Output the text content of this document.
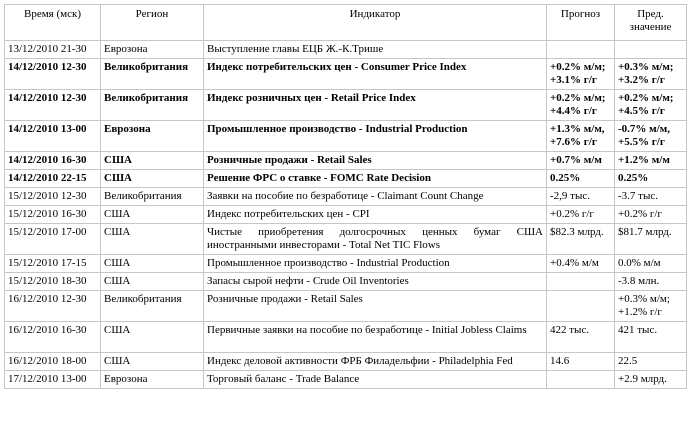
Время (мск)	Регион	Индикатор	Прогноз	Пред. значение
13/12/2010 21-30	Еврозона	Выступление главы ЕЦБ Ж.-К.Трише		
14/12/2010 12-30	Великобритания	Индекс потребительских цен - Consumer Price Index	+0.2% м/м; +3.1% г/г	+0.3% м/м; +3.2% г/г
14/12/2010 12-30	Великобритания	Индекс розничных цен - Retail Price Index	+0.2% м/м; +4.4% г/г	+0.2% м/м; +4.5% г/г
14/12/2010 13-00	Еврозона	Промышленное производство - Industrial Production	+1.3% м/м, +7.6% г/г	-0.7% м/м, +5.5% г/г
14/12/2010 16-30	США	Розничные продажи - Retail Sales	+0.7% м/м	+1.2% м/м
14/12/2010 22-15	США	Решение ФРС о ставке - FOMC Rate Decision	0.25%	0.25%
15/12/2010 12-30	Великобритания	Заявки на пособие по безработице - Claimant Count Change	-2,9 тыс.	-3.7 тыс.
15/12/2010 16-30	США	Индекс потребительских цен - CPI	+0.2% г/г	+0.2% г/г
15/12/2010 17-00	США	Чистые приобретения долгосрочных ценных бумаг США иностранными инвесторами - Total Net TIC Flows	$82.3 млрд.	$81.7 млрд.
15/12/2010 17-15	США	Промышленное производство - Industrial Production	+0.4% м/м	0.0% м/м
15/12/2010 18-30	США	Запасы сырой нефти - Crude Oil Inventories		-3.8 млн.
16/12/2010 12-30	Великобритания	Розничные продажи - Retail Sales		+0.3% м/м; +1.2% г/г
16/12/2010 16-30	США	Первичные заявки на пособие по безработице - Initial Jobless Claims	422 тыс.	421 тыс.
16/12/2010 18-00	США	Индекс деловой активности ФРБ Филадельфии - Philadelphia Fed	14.6	22.5
17/12/2010 13-00	Еврозона	Торговый баланс - Trade Balance		+2.9 млрд.
